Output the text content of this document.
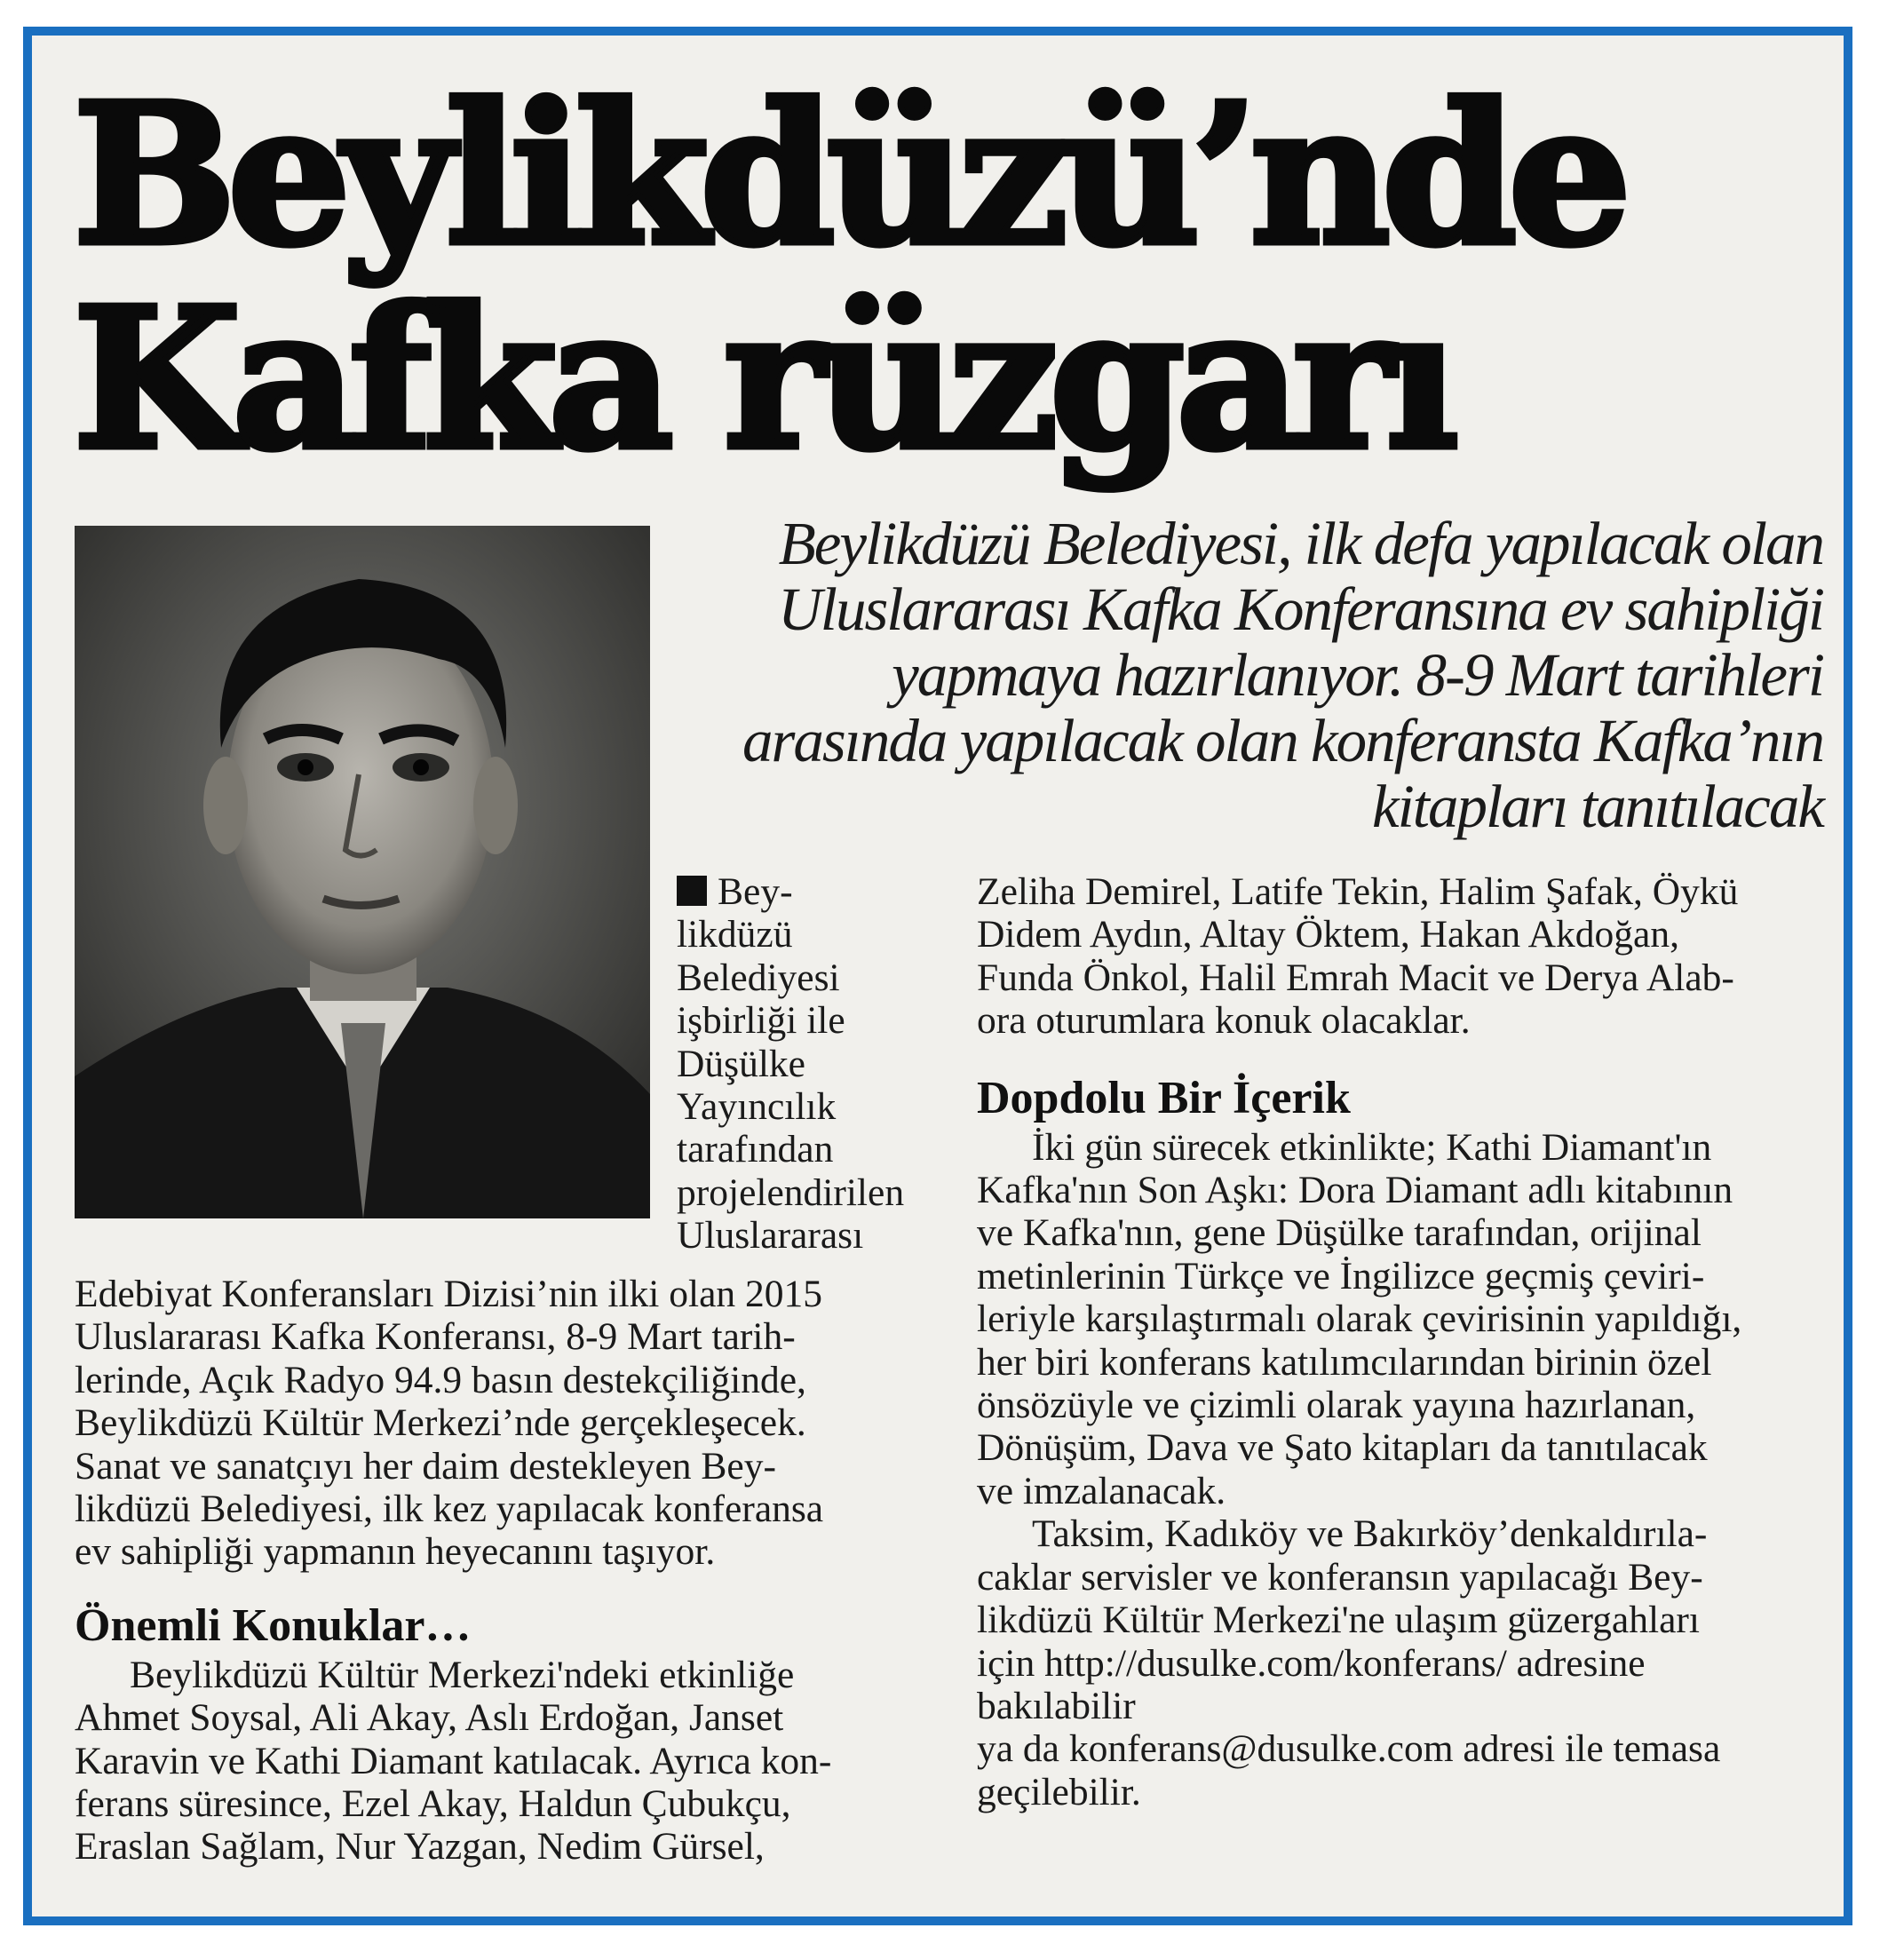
Beylikdüzü’nde
Kafka rüzgarı
Beylikdüzü Belediyesi, ilk defa yapılacak olan
Uluslararası Kafka Konferansına ev sahipliği
yapmaya hazırlanıyor. 8-9 Mart tarihleri
arasında yapılacak olan konferansta Kafka’nın
kitapları tanıtılacak
Bey-
likdüzü
Belediyesi
işbirliği ile
Düşülke
Yayıncılık
tarafından
projelendirilen
Uluslararası

Edebiyat Konferansları Dizisi’nin ilki olan 2015
Uluslararası Kafka Konferansı, 8-9 Mart tarih-
lerinde, Açık Radyo 94.9 basın destekçiliğinde,
Beylikdüzü Kültür Merkezi’nde gerçekleşecek.
Sanat ve sanatçıyı her daim destekleyen Bey-
likdüzü Belediyesi, ilk kez yapılacak konferansa
ev sahipliği yapmanın heyecanını taşıyor.

Önemli Konuklar…

Beylikdüzü Kültür Merkezi'ndeki etkinliğe
Ahmet Soysal, Ali Akay, Aslı Erdoğan, Janset
Karavin ve Kathi Diamant katılacak. Ayrıca kon-
ferans süresince, Ezel Akay, Haldun Çubukçu,
Eraslan Sağlam, Nur Yazgan, Nedim Gürsel,

Zeliha Demirel, Latife Tekin, Halim Şafak, Öykü
Didem Aydın, Altay Öktem, Hakan Akdoğan,
Funda Önkol, Halil Emrah Macit ve Derya Alab-
ora oturumlara konuk olacaklar.

Dopdolu Bir İçerik

İki gün sürecek etkinlikte; Kathi Diamant'ın
Kafka'nın Son Aşkı: Dora Diamant adlı kitabının
ve Kafka'nın, gene Düşülke tarafından, orijinal
metinlerinin Türkçe ve İngilizce geçmiş çeviri-
leriyle karşılaştırmalı olarak çevirisinin yapıldığı,
her biri konferans katılımcılarından birinin özel
önsözüyle ve çizimli olarak yayına hazırlanan,
Dönüşüm, Dava ve Şato kitapları da tanıtılacak
ve imzalanacak.

Taksim, Kadıköy ve Bakırköy’denkaldırıla-
caklar servisler ve konferansın yapılacağı Bey-
likdüzü Kültür Merkezi'ne ulaşım güzergahları
için http://dusulke.com/konferans/ adresine
bakılabilir
ya da konferans@dusulke.com adresi ile temasa
geçilebilir.
